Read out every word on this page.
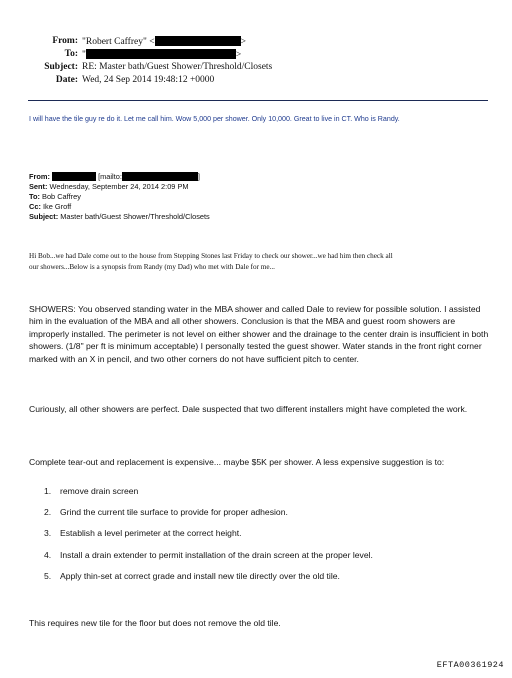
From: "Robert Caffrey" <	>
To: "	>
Subject: RE: Master bath/Guest Shower/Threshold/Closets
Date: Wed, 24 Sep 2014 19:48:12 +0000
I will have the tile guy re do it. Let me call him. Wow 5,000 per shower. Only 10,000. Great to live in CT. Who is Randy.
From:	[mailto:	]
Sent: Wednesday, September 24, 2014 2:09 PM
To: Bob Caffrey
Cc: Ike Groff
Subject: Master bath/Guest Shower/Threshold/Closets
Hi Bob...we had Dale come out to the house from Stepping Stones last Friday to check our shower...we had him then check all
our showers...Below is a synopsis from Randy (my Dad) who met with Dale for me...
SHOWERS: You observed standing water in the MBA shower and called Dale to review for possible solution. I assisted him in the evaluation of the MBA and all other showers. Conclusion is that the MBA and guest room showers are improperly installed. The perimeter is not level on either shower and the drainage to the center drain is insufficient in both showers. (1/8" per ft is minimum acceptable) I personally tested the guest shower. Water stands in the front right corner marked with an X in pencil, and two other corners do not have sufficient pitch to center.
Curiously, all other showers are perfect. Dale suspected that two different installers might have completed the work.
Complete tear-out and replacement is expensive... maybe $5K per shower. A less expensive suggestion is to:
1. remove drain screen
2. Grind the current tile surface to provide for proper adhesion.
3. Establish a level perimeter at the correct height.
4. Install a drain extender to permit installation of the drain screen at the proper level.
5. Apply thin-set at correct grade and install new tile directly over the old tile.
This requires new tile for the floor but does not remove the old tile.
EFTA00361924
